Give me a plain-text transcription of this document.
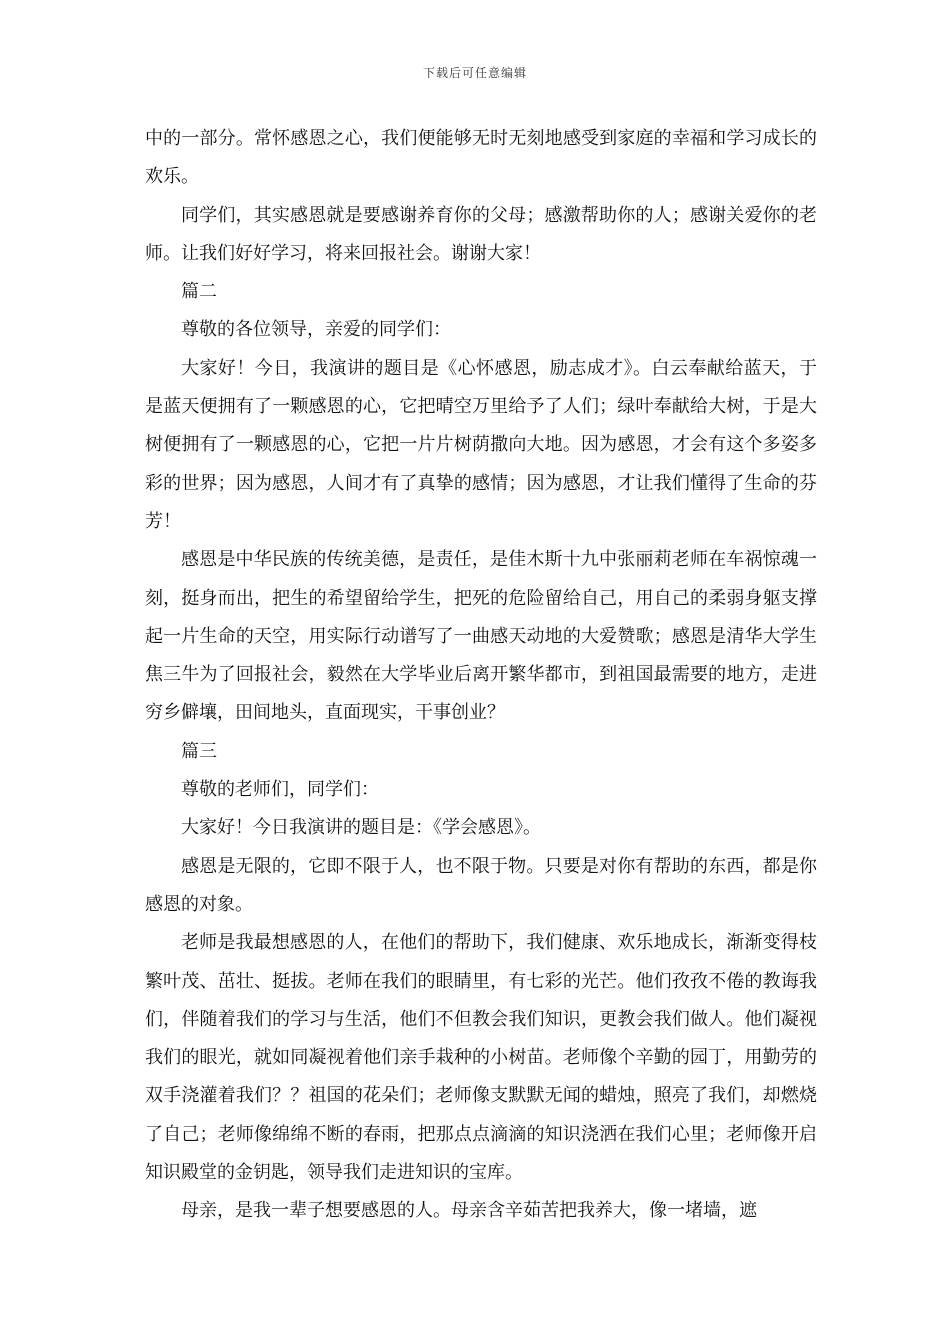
下载后可任意编辑

中的一部分。常怀感恩之心，我们便能够无时无刻地感受到家庭的幸福和学习成长的欢乐。

同学们，其实感恩就是要感谢养育你的父母；感激帮助你的人；感谢关爱你的老师。让我们好好学习，将来回报社会。谢谢大家！

篇二

尊敬的各位领导，亲爱的同学们：

大家好！今日，我演讲的题目是《心怀感恩，励志成才》。白云奉献给蓝天，于是蓝天便拥有了一颗感恩的心，它把晴空万里给予了人们；绿叶奉献给大树，于是大树便拥有了一颗感恩的心，它把一片片树荫撒向大地。因为感恩，才会有这个多姿多彩的世界；因为感恩，人间才有了真挚的感情；因为感恩，才让我们懂得了生命的芬芳！

感恩是中华民族的传统美德，是责任，是佳木斯十九中张丽莉老师在车祸惊魂一刻，挺身而出，把生的希望留给学生，把死的危险留给自己，用自己的柔弱身躯支撑起一片生命的天空，用实际行动谱写了一曲感天动地的大爱赞歌；感恩是清华大学生焦三牛为了回报社会，毅然在大学毕业后离开繁华都市，到祖国最需要的地方，走进穷乡僻壤，田间地头，直面现实，干事创业？

篇三

尊敬的老师们，同学们：

大家好！今日我演讲的题目是：《学会感恩》。

感恩是无限的，它即不限于人，也不限于物。只要是对你有帮助的东西，都是你感恩的对象。

老师是我最想感恩的人，在他们的帮助下，我们健康、欢乐地成长，渐渐变得枝繁叶茂、茁壮、挺拔。老师在我们的眼睛里，有七彩的光芒。他们孜孜不倦的教诲我们，伴随着我们的学习与生活，他们不但教会我们知识，更教会我们做人。他们凝视我们的眼光，就如同凝视着他们亲手栽种的小树苗。老师像个辛勤的园丁，用勤劳的双手浇灌着我们？？祖国的花朵们；老师像支默默无闻的蜡烛，照亮了我们，却燃烧了自己；老师像绵绵不断的春雨，把那点点滴滴的知识浇洒在我们心里；老师像开启知识殿堂的金钥匙，领导我们走进知识的宝库。

母亲，是我一辈子想要感恩的人。母亲含辛茹苦把我养大，像一堵墙，遮
